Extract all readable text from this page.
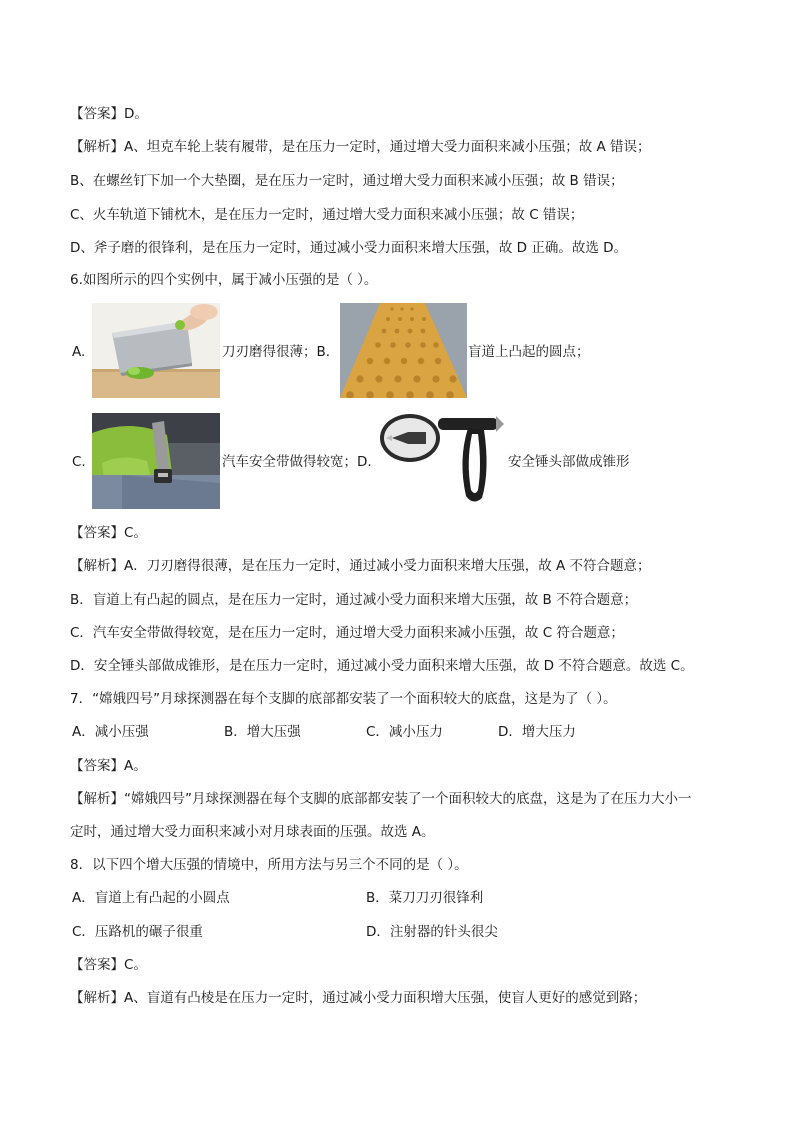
【答案】D。
【解析】A、坦克车轮上装有履带，是在压力一定时，通过增大受力面积来减小压强；故 A 错误；
B、在螺丝钉下加一个大垫圈，是在压力一定时，通过增大受力面积来减小压强；故 B 错误；
C、火车轨道下铺枕木，是在压力一定时，通过增大受力面积来减小压强；故 C 错误；
D、斧子磨的很锋利，是在压力一定时，通过减小受力面积来增大压强，故 D 正确。故选 D。
6.如图所示的四个实例中，属于减小压强的是（ ）。
A.	刀刃磨得很薄；B.	盲道上凸起的圆点；
C.	汽车安全带做得较宽；D.	安全锤头部做成锥形
【答案】C。
【解析】A．刀刃磨得很薄，是在压力一定时，通过减小受力面积来增大压强，故 A 不符合题意；
B．盲道上有凸起的圆点，是在压力一定时，通过减小受力面积来增大压强，故 B 不符合题意；
C．汽车安全带做得较宽，是在压力一定时，通过增大受力面积来减小压强，故 C 符合题意；
D．安全锤头部做成锥形，是在压力一定时，通过减小受力面积来增大压强，故 D 不符合题意。故选 C。
7．“嫦娥四号”月球探测器在每个支脚的底部都安装了一个面积较大的底盘，这是为了（ ）。
A．减小压强	B．增大压强	C．减小压力	D．增大压力
【答案】A。
【解析】“嫦娥四号”月球探测器在每个支脚的底部都安装了一个面积较大的底盘，这是为了在压力大小一
定时，通过增大受力面积来减小对月球表面的压强。故选 A。
8．以下四个增大压强的情境中，所用方法与另三个不同的是（ ）。
A．盲道上有凸起的小圆点	B．菜刀刀刃很锋利
C．压路机的碾子很重	D．注射器的针头很尖
【答案】C。
【解析】A、盲道有凸棱是在压力一定时，通过减小受力面积增大压强，使盲人更好的感觉到路；
